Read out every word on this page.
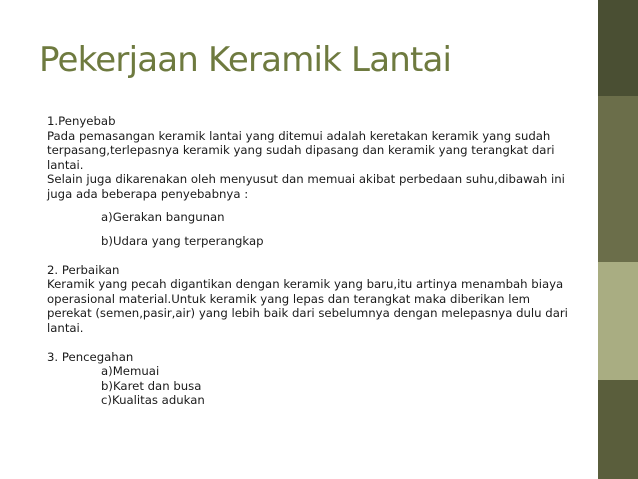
Pekerjaan Keramik Lantai
1.Penyebab
Pada pemasangan keramik lantai yang ditemui adalah keretakan keramik yang sudah
terpasang,terlepasnya keramik yang sudah dipasang dan keramik yang terangkat dari
lantai.
Selain juga dikarenakan oleh menyusut dan memuai akibat perbedaan suhu,dibawah ini
juga ada beberapa penyebabnya :
a)Gerakan bangunan
b)Udara yang terperangkap
2. Perbaikan
Keramik yang pecah digantikan dengan keramik yang baru,itu artinya menambah biaya
operasional material.Untuk keramik yang lepas dan terangkat maka diberikan lem
perekat (semen,pasir,air) yang lebih baik dari sebelumnya dengan melepasnya dulu dari
lantai.
3. Pencegahan
a)Memuai
b)Karet dan busa
c)Kualitas adukan
